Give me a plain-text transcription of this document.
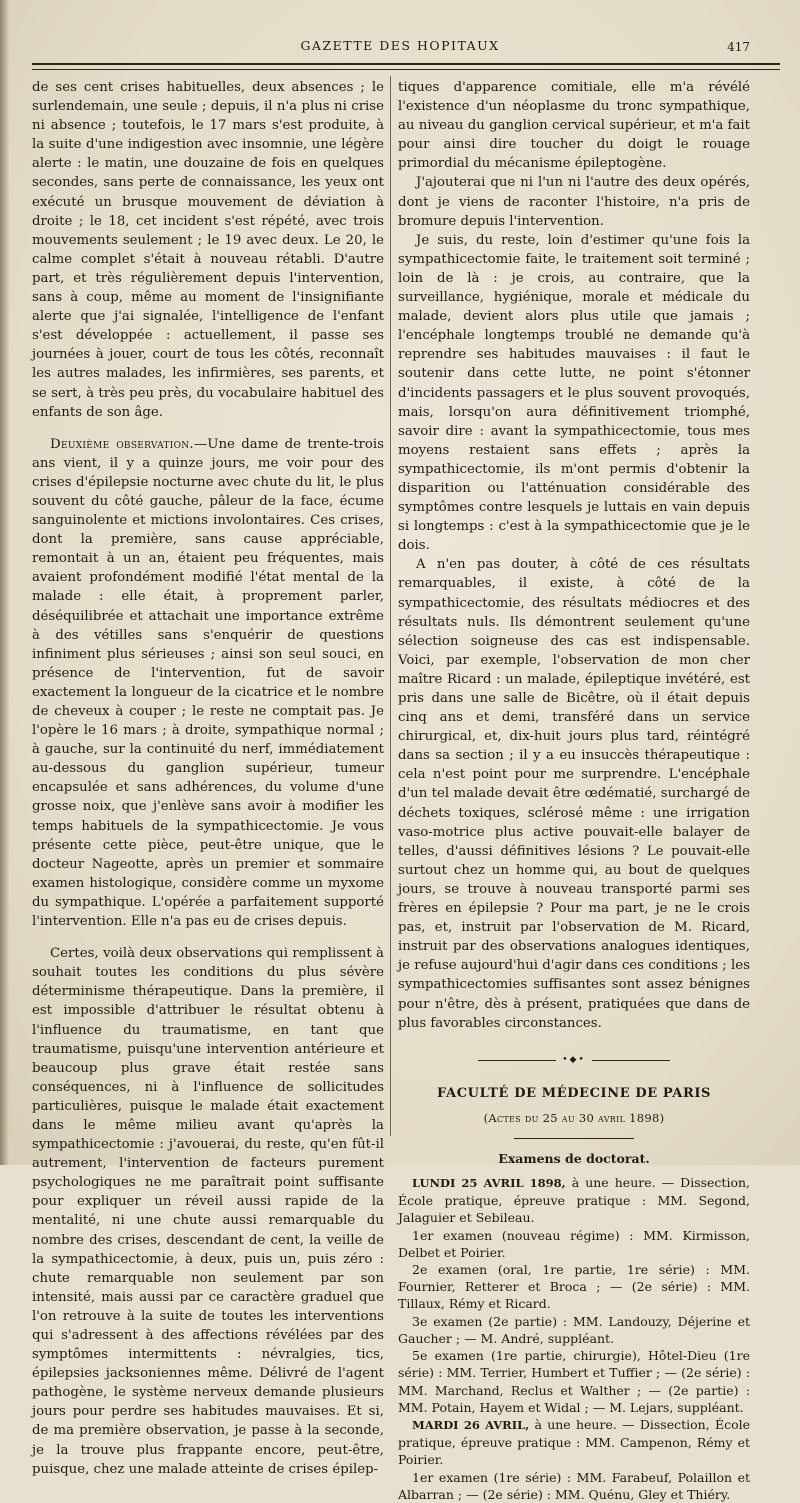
GAZETTE DES HOPITAUX	417

de ses cent crises habituelles, deux absences ; le surlendemain, une seule ; depuis, il n'a plus ni crise ni absence ; toutefois, le 17 mars s'est produite, à la suite d'une indigestion avec insomnie, une légère alerte : le matin, une douzaine de fois en quelques secondes, sans perte de connaissance, les yeux ont exécuté un brusque mouvement de déviation à droite ; le 18, cet incident s'est répété, avec trois mouvements seulement ; le 19 avec deux. Le 20, le calme complet s'était à nouveau rétabli. D'autre part, et très régulièrement depuis l'intervention, sans à coup, même au moment de l'insignifiante alerte que j'ai signalée, l'intelligence de l'enfant s'est développée : actuellement, il passe ses journées à jouer, court de tous les côtés, reconnaît les autres malades, les infirmières, ses parents, et se sert, à très peu près, du vocabulaire habituel des enfants de son âge.

Deuxième observation.—Une dame de trente-trois ans vient, il y a quinze jours, me voir pour des crises d'épilepsie nocturne avec chute du lit, le plus souvent du côté gauche, pâleur de la face, écume sanguinolente et mictions involontaires. Ces crises, dont la première, sans cause appréciable, remontait à un an, étaient peu fréquentes, mais avaient profondément modifié l'état mental de la malade : elle était, à proprement parler, déséquilibrée et attachait une importance extrême à des vétilles sans s'enquérir de questions infiniment plus sérieuses ; ainsi son seul souci, en présence de l'intervention, fut de savoir exactement la longueur de la cicatrice et le nombre de cheveux à couper ; le reste ne comptait pas. Je l'opère le 16 mars ; à droite, sympathique normal ; à gauche, sur la continuité du nerf, immédiatement au-dessous du ganglion supérieur, tumeur encapsulée et sans adhérences, du volume d'une grosse noix, que j'enlève sans avoir à modifier les temps habituels de la sympathicectomie. Je vous présente cette pièce, peut-être unique, que le docteur Nageotte, après un premier et sommaire examen histologique, considère comme un myxome du sympathique. L'opérée a parfaitement supporté l'intervention. Elle n'a pas eu de crises depuis.

Certes, voilà deux observations qui remplissent à souhait toutes les conditions du plus sévère déterminisme thérapeutique. Dans la première, il est impossible d'attribuer le résultat obtenu à l'influence du traumatisme, en tant que traumatisme, puisqu'une intervention antérieure et beaucoup plus grave était restée sans conséquences, ni à l'influence de sollicitudes particulières, puisque le malade était exactement dans le même milieu avant qu'après la sympathicectomie : j'avouerai, du reste, qu'en fût-il autrement, l'intervention de facteurs purement psychologiques ne me paraîtrait point suffisante pour expliquer un réveil aussi rapide de la mentalité, ni une chute aussi remarquable du nombre des crises, descendant de cent, la veille de la sympathicectomie, à deux, puis un, puis zéro : chute remarquable non seulement par son intensité, mais aussi par ce caractère graduel que l'on retrouve à la suite de toutes les interventions qui s'adressent à des affections révélées par des symptômes intermittents : névralgies, tics, épilepsies jacksoniennes même. Délivré de l'agent pathogène, le système nerveux demande plusieurs jours pour perdre ses habitudes mauvaises. Et si, de ma première observation, je passe à la seconde, je la trouve plus frappante encore, peut-être, puisque, chez une malade atteinte de crises épilep-

tiques d'apparence comitiale, elle m'a révélé l'existence d'un néoplasme du tronc sympathique, au niveau du ganglion cervical supérieur, et m'a fait pour ainsi dire toucher du doigt le rouage primordial du mécanisme épileptogène.

J'ajouterai que ni l'un ni l'autre des deux opérés, dont je viens de raconter l'histoire, n'a pris de bromure depuis l'intervention.

Je suis, du reste, loin d'estimer qu'une fois la sympathicectomie faite, le traitement soit terminé ; loin de là : je crois, au contraire, que la surveillance, hygiénique, morale et médicale du malade, devient alors plus utile que jamais ; l'encéphale longtemps troublé ne demande qu'à reprendre ses habitudes mauvaises : il faut le soutenir dans cette lutte, ne point s'étonner d'incidents passagers et le plus souvent provoqués, mais, lorsqu'on aura définitivement triomphé, savoir dire : avant la sympathicectomie, tous mes moyens restaient sans effets ; après la sympathicectomie, ils m'ont permis d'obtenir la disparition ou l'atténuation considérable des symptômes contre lesquels je luttais en vain depuis si longtemps : c'est à la sympathicectomie que je le dois.

A n'en pas douter, à côté de ces résultats remarquables, il existe, à côté de la sympathicectomie, des résultats médiocres et des résultats nuls. Ils démontrent seulement qu'une sélection soigneuse des cas est indispensable. Voici, par exemple, l'observation de mon cher maître Ricard : un malade, épileptique invétéré, est pris dans une salle de Bicêtre, où il était depuis cinq ans et demi, transféré dans un service chirurgical, et, dix-huit jours plus tard, réintégré dans sa section ; il y a eu insuccès thérapeutique : cela n'est point pour me surprendre. L'encéphale d'un tel malade devait être œdématié, surchargé de déchets toxiques, sclérosé même : une irrigation vaso-motrice plus active pouvait-elle balayer de telles, d'aussi définitives lésions ? Le pouvait-elle surtout chez un homme qui, au bout de quelques jours, se trouve à nouveau transporté parmi ses frères en épilepsie ? Pour ma part, je ne le crois pas, et, instruit par l'observation de M. Ricard, instruit par des observations analogues identiques, je refuse aujourd'hui d'agir dans ces conditions ; les sympathicectomies suffisantes sont assez bénignes pour n'être, dès à présent, pratiquées que dans de plus favorables circonstances.

•◆•
FACULTÉ DE MÉDECINE DE PARIS
(Actes du 25 au 30 avril 1898)
Examens de doctorat.

LUNDI 25 AVRIL 1898, à une heure. — Dissection, École pratique, épreuve pratique : MM. Segond, Jalaguier et Sebileau.

1er examen (nouveau régime) : MM. Kirmisson, Delbet et Poirier.

2e examen (oral, 1re partie, 1re série) : MM. Fournier, Retterer et Broca ; — (2e série) : MM. Tillaux, Rémy et Ricard.

3e examen (2e partie) : MM. Landouzy, Déjerine et Gaucher ; — M. André, suppléant.

5e examen (1re partie, chirurgie), Hôtel-Dieu (1re série) : MM. Terrier, Humbert et Tuffier ; — (2e série) : MM. Marchand, Reclus et Walther ; — (2e partie) : MM. Potain, Hayem et Widal ; — M. Lejars, suppléant.

MARDI 26 AVRIL, à une heure. — Dissection, École pratique, épreuve pratique : MM. Campenon, Rémy et Poirier.

1er examen (1re série) : MM. Farabeuf, Polaillon et Albarran ; — (2e série) : MM. Quénu, Gley et Thiéry.
